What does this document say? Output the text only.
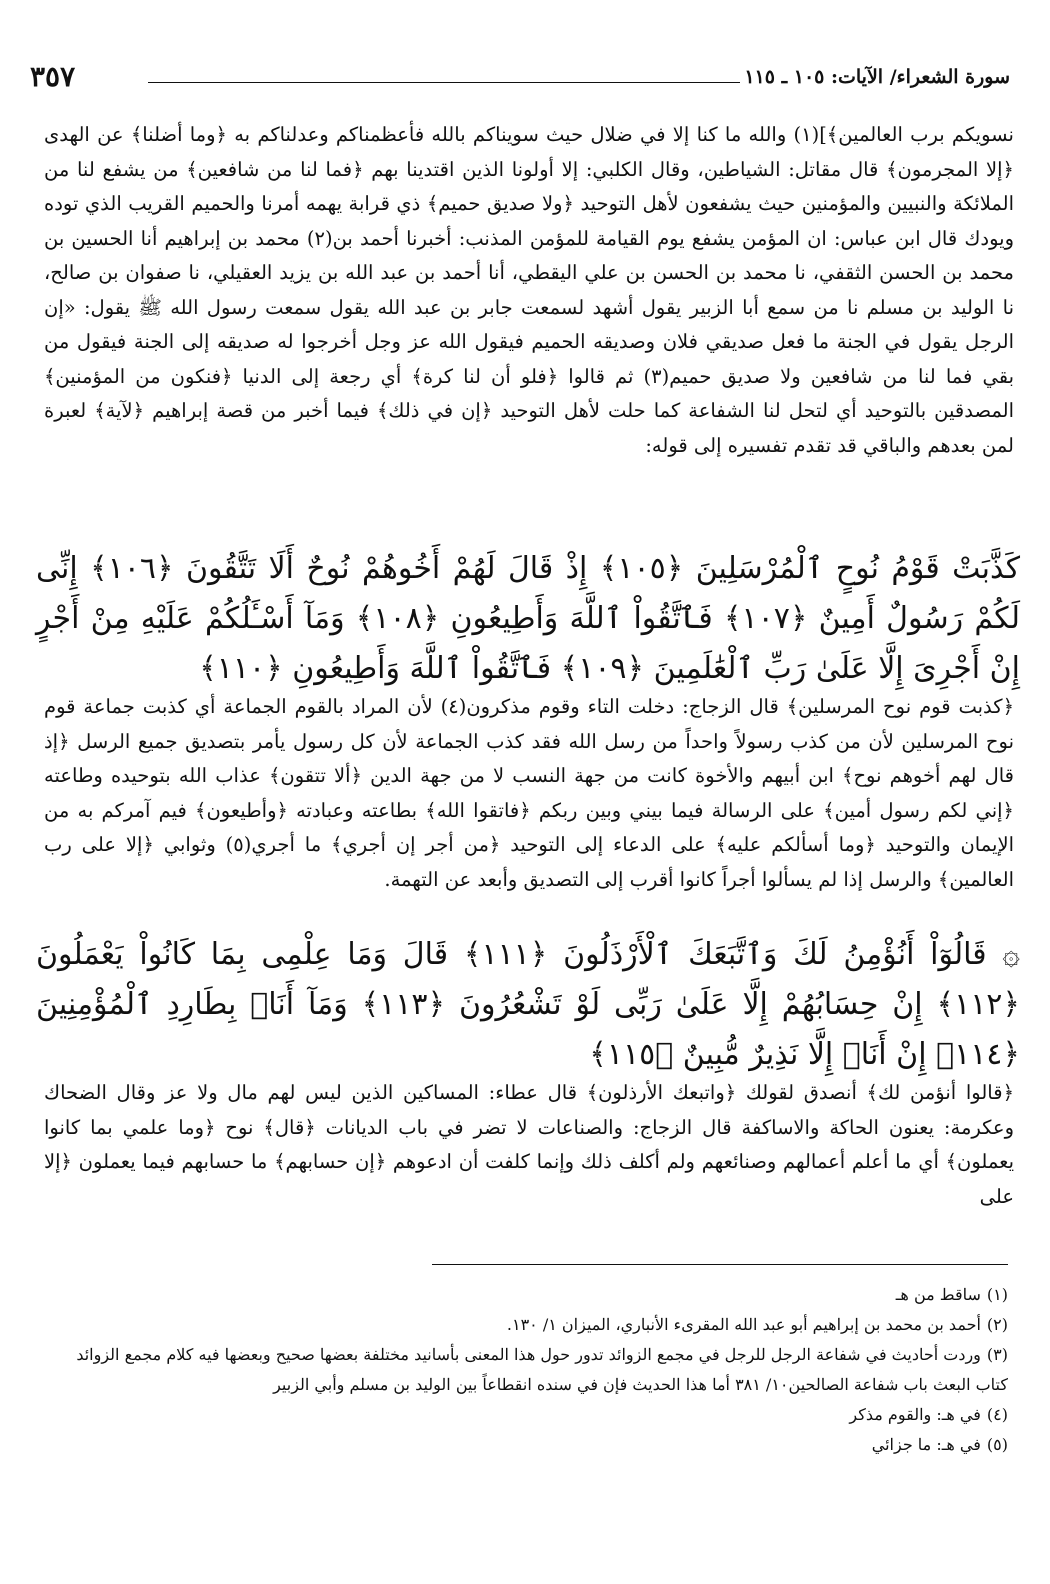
سورة الشعراء/ الآيات: ١٠٥ ـ ١١٥
٣٥٧

نسويكم برب العالمين﴾](١) والله ما كنا إلا في ضلال حيث سويناكم بالله فأعظمناكم وعدلناكم به ﴿وما أضلنا﴾ عن الهدى ﴿إلا المجرمون﴾ قال مقاتل: الشياطين، وقال الكلبي: إلا أولونا الذين اقتدينا بهم ﴿فما لنا من شافعين﴾ من يشفع لنا من الملائكة والنبيين والمؤمنين حيث يشفعون لأهل التوحيد ﴿ولا صديق حميم﴾ ذي قرابة يهمه أمرنا والحميم القريب الذي توده ويودك قال ابن عباس: ان المؤمن يشفع يوم القيامة للمؤمن المذنب: أخبرنا أحمد بن(٢) محمد بن إبراهيم أنا الحسين بن محمد بن الحسن الثقفي، نا محمد بن الحسن بن علي اليقطي، أنا أحمد بن عبد الله بن يزيد العقيلي، نا صفوان بن صالح، نا الوليد بن مسلم نا من سمع أبا الزبير يقول أشهد لسمعت جابر بن عبد الله يقول سمعت رسول الله ﷺ يقول: «إن الرجل يقول في الجنة ما فعل صديقي فلان وصديقه الحميم فيقول الله عز وجل أخرجوا له صديقه إلى الجنة فيقول من بقي فما لنا من شافعين ولا صديق حميم(٣) ثم قالوا ﴿فلو أن لنا كرة﴾ أي رجعة إلى الدنيا ﴿فنكون من المؤمنين﴾ المصدقين بالتوحيد أي لتحل لنا الشفاعة كما حلت لأهل التوحيد ﴿إن في ذلك﴾ فيما أخبر من قصة إبراهيم ﴿لآية﴾ لعبرة لمن بعدهم والباقي قد تقدم تفسيره إلى قوله:

كَذَّبَتْ قَوْمُ نُوحٍ ٱلْمُرْسَلِينَ ﴿١٠٥﴾ إِذْ قَالَ لَهُمْ أَخُوهُمْ نُوحٌ أَلَا تَتَّقُونَ ﴿١٠٦﴾ إِنِّى لَكُمْ رَسُولٌ أَمِينٌ ﴿١٠٧﴾ فَٱتَّقُواْ ٱللَّهَ وَأَطِيعُونِ ﴿١٠٨﴾ وَمَآ أَسْـَٔلُكُمْ عَلَيْهِ مِنْ أَجْرٍ إِنْ أَجْرِىَ إِلَّا عَلَىٰ رَبِّ ٱلْعَٰلَمِينَ ﴿١٠٩﴾ فَٱتَّقُواْ ٱللَّهَ وَأَطِيعُونِ ﴿١١٠﴾

﴿كذبت قوم نوح المرسلين﴾ قال الزجاج: دخلت التاء وقوم مذكرون(٤) لأن المراد بالقوم الجماعة أي كذبت جماعة قوم نوح المرسلين لأن من كذب رسولاً واحداً من رسل الله فقد كذب الجماعة لأن كل رسول يأمر بتصديق جميع الرسل ﴿إذ قال لهم أخوهم نوح﴾ ابن أبيهم والأخوة كانت من جهة النسب لا من جهة الدين ﴿ألا تتقون﴾ عذاب الله بتوحيده وطاعته ﴿إني لكم رسول أمين﴾ على الرسالة فيما بيني وبين ربكم ﴿فاتقوا الله﴾ بطاعته وعبادته ﴿وأطيعون﴾ فيم آمركم به من الإيمان والتوحيد ﴿وما أسألكم عليه﴾ على الدعاء إلى التوحيد ﴿من أجر إن أجري﴾ ما أجري(٥) وثوابي ﴿إلا على رب العالمين﴾ والرسل إذا لم يسألوا أجراً كانوا أقرب إلى التصديق وأبعد عن التهمة.

۞ قَالُوٓاْ أَنُؤْمِنُ لَكَ وَٱتَّبَعَكَ ٱلْأَرْذَلُونَ ﴿١١١﴾ قَالَ وَمَا عِلْمِى بِمَا كَانُواْ يَعْمَلُونَ ﴿١١٢﴾ إِنْ حِسَابُهُمْ إِلَّا عَلَىٰ رَبِّى لَوْ تَشْعُرُونَ ﴿١١٣﴾ وَمَآ أَنَا۠ بِطَارِدِ ٱلْمُؤْمِنِينَ ﴿١١٤﴾ إِنْ أَنَا۠ إِلَّا نَذِيرٌ مُّبِينٌ ﴿١١٥﴾

﴿قالوا أنؤمن لك﴾ أنصدق لقولك ﴿واتبعك الأرذلون﴾ قال عطاء: المساكين الذين ليس لهم مال ولا عز وقال الضحاك وعكرمة: يعنون الحاكة والاساكفة قال الزجاج: والصناعات لا تضر في باب الديانات ﴿قال﴾ نوح ﴿وما علمي بما كانوا يعملون﴾ أي ما أعلم أعمالهم وصنائعهم ولم أكلف ذلك وإنما كلفت أن ادعوهم ﴿إن حسابهم﴾ ما حسابهم فيما يعملون ﴿إلا على

(١)ساقط من هـ

(٢)أحمد بن محمد بن إبراهيم أبو عبد الله المقرىء الأنباري، الميزان ١/ ١٣٠.

(٣)وردت أحاديث في شفاعة الرجل للرجل في مجمع الزوائد تدور حول هذا المعنى بأسانيد مختلفة بعضها صحيح وبعضها فيه كلام مجمع الزوائد كتاب البعث باب شفاعة الصالحين١٠/ ٣٨١ أما هذا الحديث فإن في سنده انقطاعاً بين الوليد بن مسلم وأبي الزبير

(٤)في هـ: والقوم مذكر

(٥)في هـ: ما جزائي
